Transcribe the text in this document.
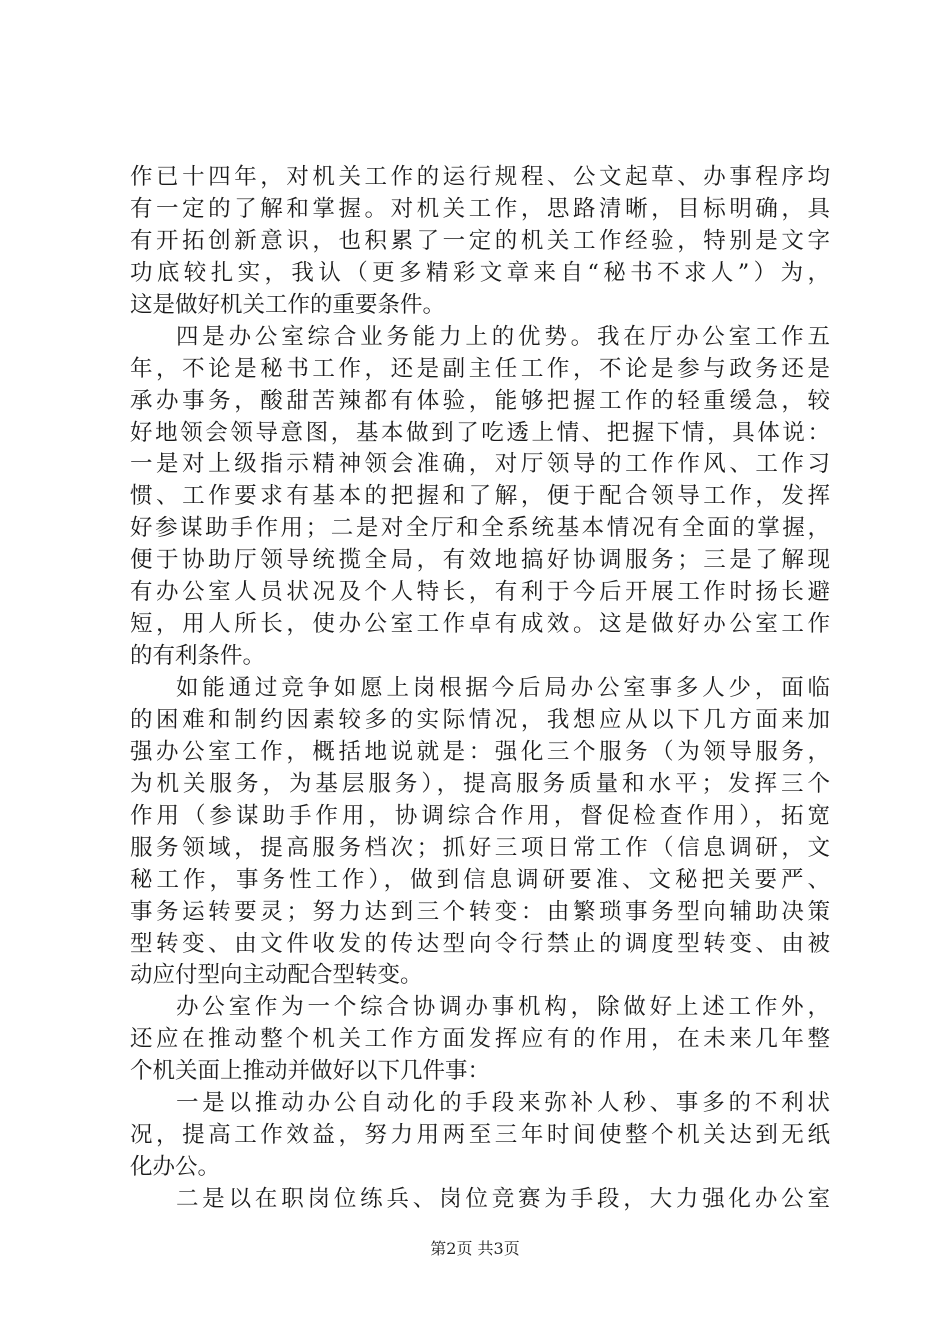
作已十四年，对机关工作的运行规程、公文起草、办事程序均
有一定的了解和掌握。对机关工作，思路清晰，目标明确，具
有开拓创新意识，也积累了一定的机关工作经验，特别是文字
功底较扎实，我认（更多精彩文章来自“秘书不求人”）为，
这是做好机关工作的重要条件。
四是办公室综合业务能力上的优势。我在厅办公室工作五
年，不论是秘书工作，还是副主任工作，不论是参与政务还是
承办事务，酸甜苦辣都有体验，能够把握工作的轻重缓急，较
好地领会领导意图，基本做到了吃透上情、把握下情，具体说：
一是对上级指示精神领会准确，对厅领导的工作作风、工作习
惯、工作要求有基本的把握和了解，便于配合领导工作，发挥
好参谋助手作用；二是对全厅和全系统基本情况有全面的掌握，
便于协助厅领导统揽全局，有效地搞好协调服务；三是了解现
有办公室人员状况及个人特长，有利于今后开展工作时扬长避
短，用人所长，使办公室工作卓有成效。这是做好办公室工作
的有利条件。
如能通过竞争如愿上岗根据今后局办公室事多人少，面临
的困难和制约因素较多的实际情况，我想应从以下几方面来加
强办公室工作，概括地说就是：强化三个服务（为领导服务，
为机关服务，为基层服务），提高服务质量和水平；发挥三个
作用（参谋助手作用，协调综合作用，督促检查作用），拓宽
服务领域，提高服务档次；抓好三项日常工作（信息调研，文
秘工作，事务性工作），做到信息调研要准、文秘把关要严、
事务运转要灵；努力达到三个转变：由繁琐事务型向辅助决策
型转变、由文件收发的传达型向令行禁止的调度型转变、由被
动应付型向主动配合型转变。
办公室作为一个综合协调办事机构，除做好上述工作外，
还应在推动整个机关工作方面发挥应有的作用，在未来几年整
个机关面上推动并做好以下几件事：
一是以推动办公自动化的手段来弥补人秒、事多的不利状
况，提高工作效益，努力用两至三年时间使整个机关达到无纸
化办公。
二是以在职岗位练兵、岗位竞赛为手段，大力强化办公室
第2页 共3页
